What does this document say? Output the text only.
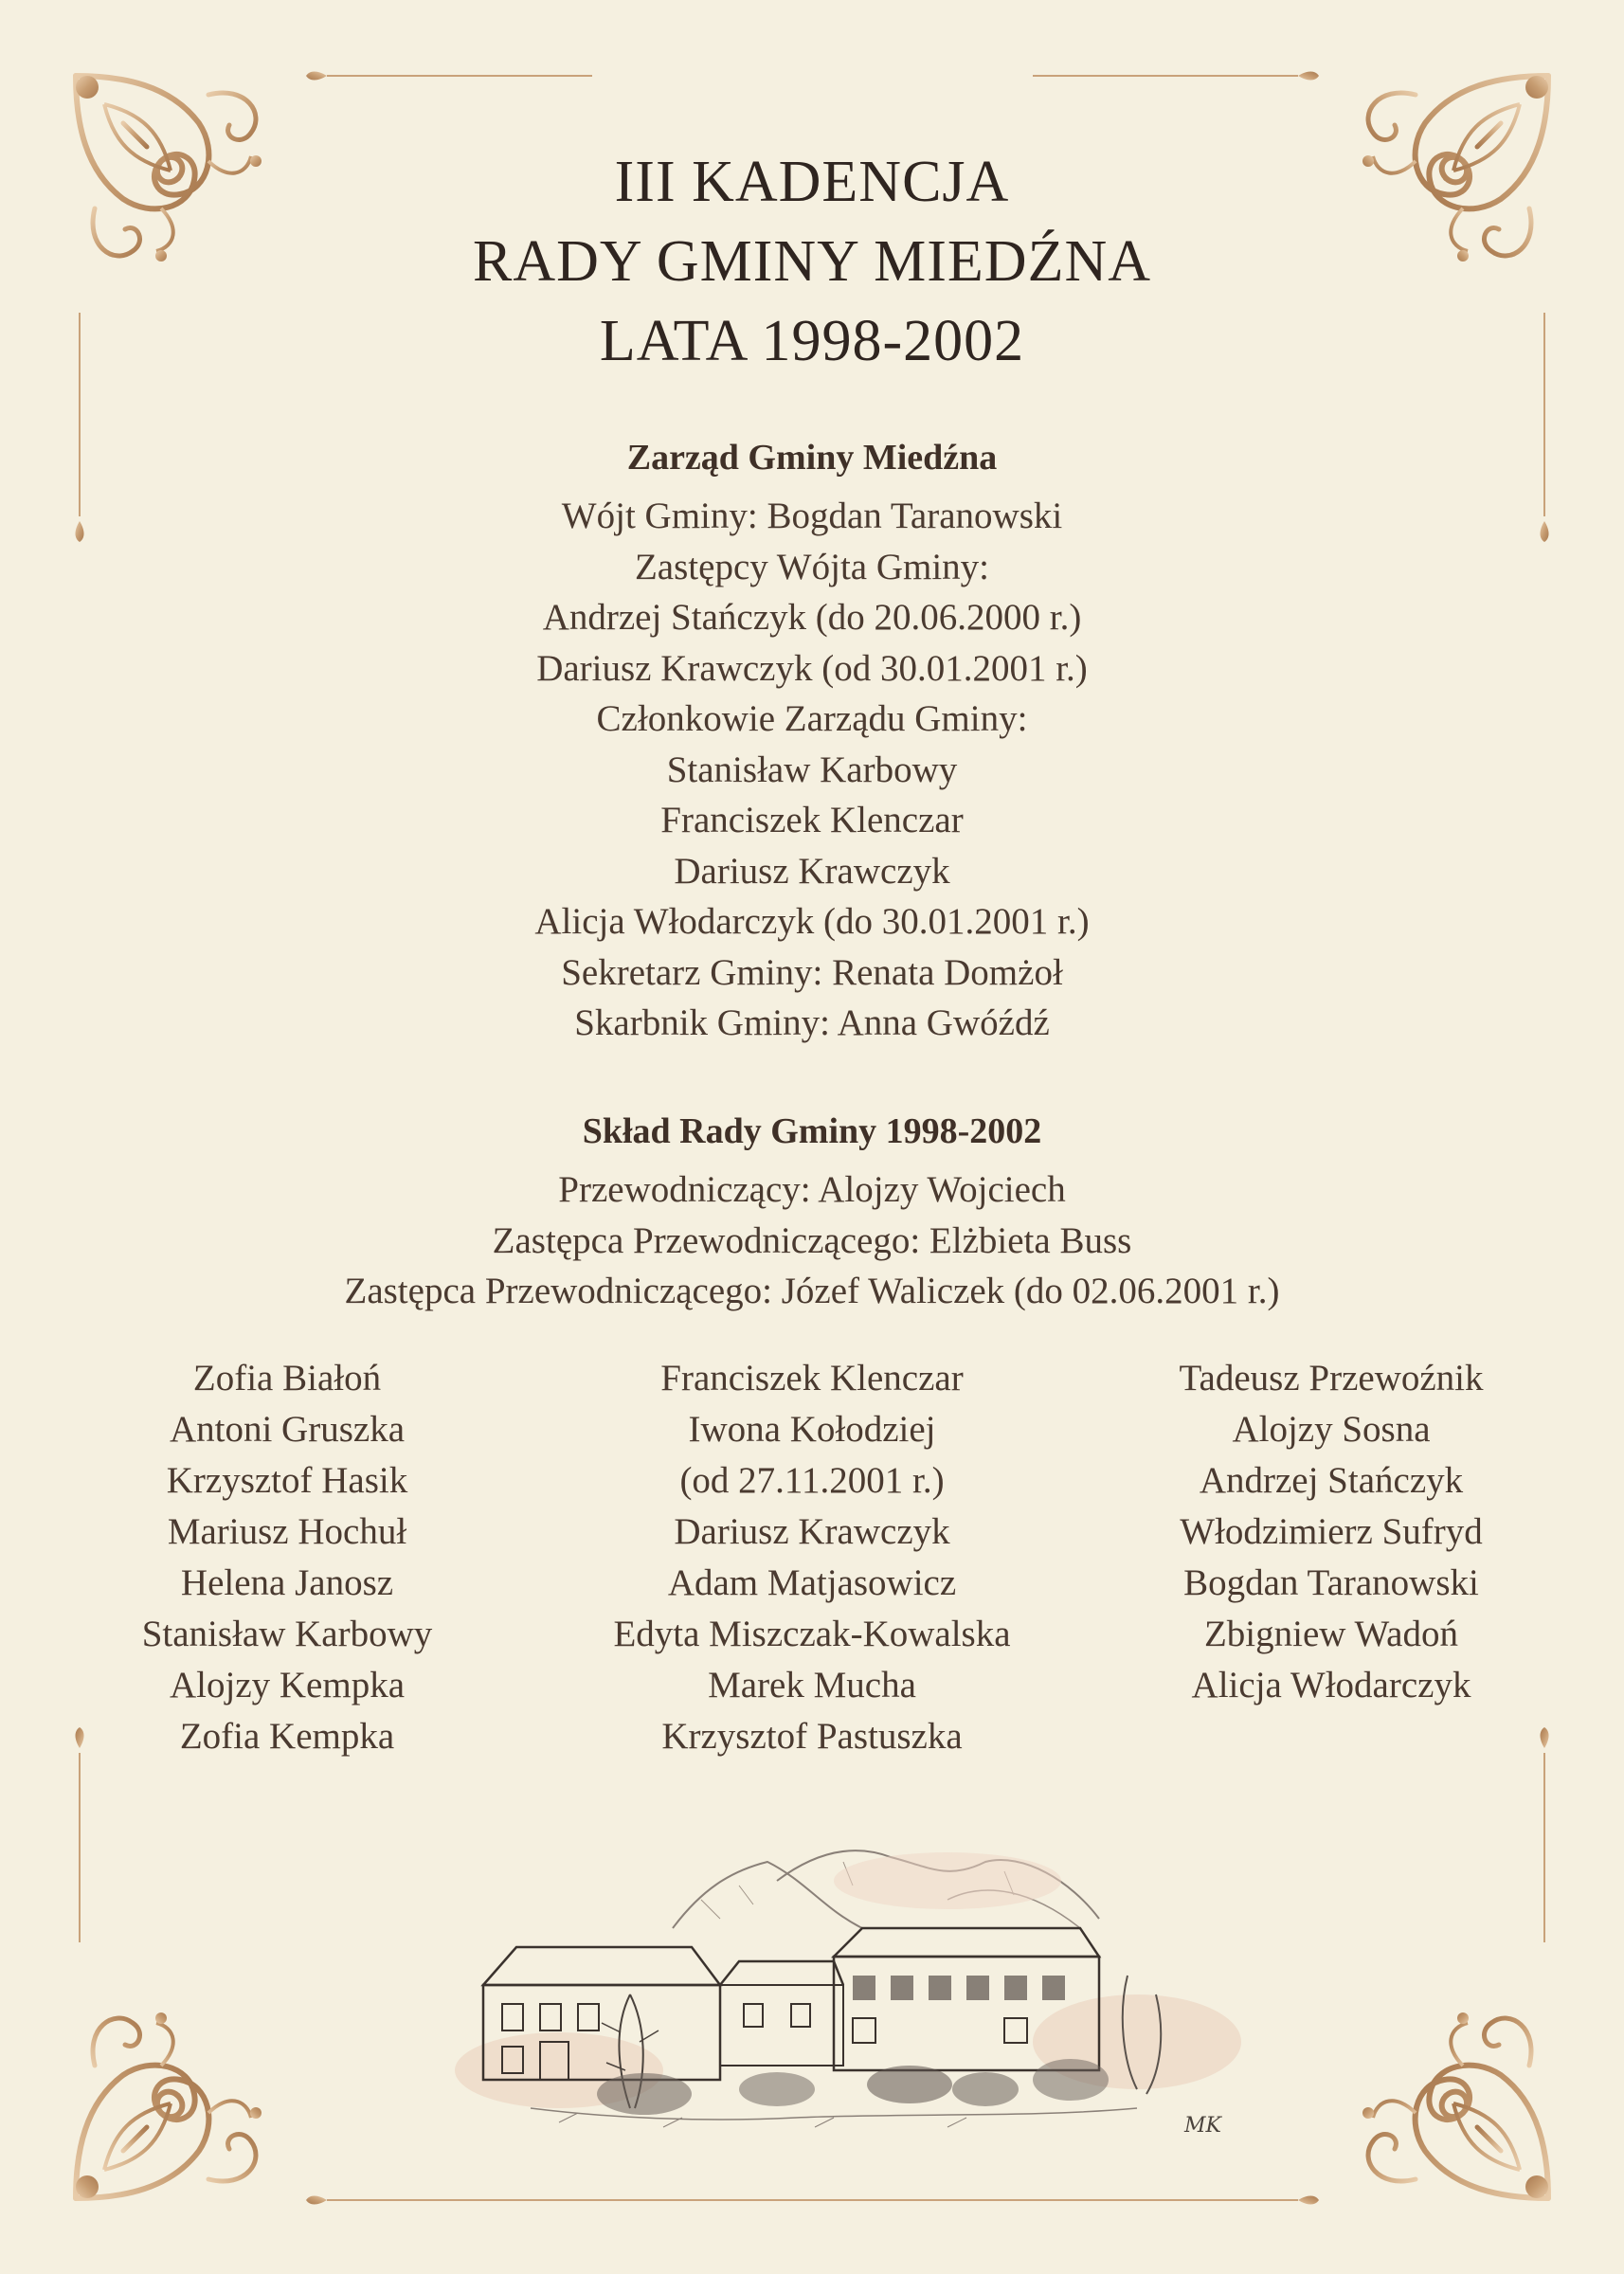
III KADENCJA
RADY GMINY MIEDŹNA
LATA 1998-2002
Zarząd Gminy Miedźna
Wójt Gminy: Bogdan Taranowski
Zastępcy Wójta Gminy:
Andrzej Stańczyk (do 20.06.2000 r.)
Dariusz Krawczyk (od 30.01.2001 r.)
Członkowie Zarządu Gminy:
Stanisław Karbowy
Franciszek Klenczar
Dariusz Krawczyk
Alicja Włodarczyk (do 30.01.2001 r.)
Sekretarz Gminy: Renata Domżoł
Skarbnik Gminy: Anna Gwóźdź
Skład Rady Gminy 1998-2002
Przewodniczący: Alojzy Wojciech
Zastępca Przewodniczącego: Elżbieta Buss
Zastępca Przewodniczącego: Józef Waliczek (do 02.06.2001 r.)
Zofia Białoń
Antoni Gruszka
Krzysztof Hasik
Mariusz Hochuł
Helena Janosz
Stanisław Karbowy
Alojzy Kempka
Zofia Kempka
Franciszek Klenczar
Iwona Kołodziej
(od 27.11.2001 r.)
Dariusz Krawczyk
Adam Matjasowicz
Edyta Miszczak-Kowalska
Marek Mucha
Krzysztof Pastuszka
Tadeusz Przewoźnik
Alojzy Sosna
Andrzej Stańczyk
Włodzimierz Sufryd
Bogdan Taranowski
Zbigniew Wadoń
Alicja Włodarczyk
MK
